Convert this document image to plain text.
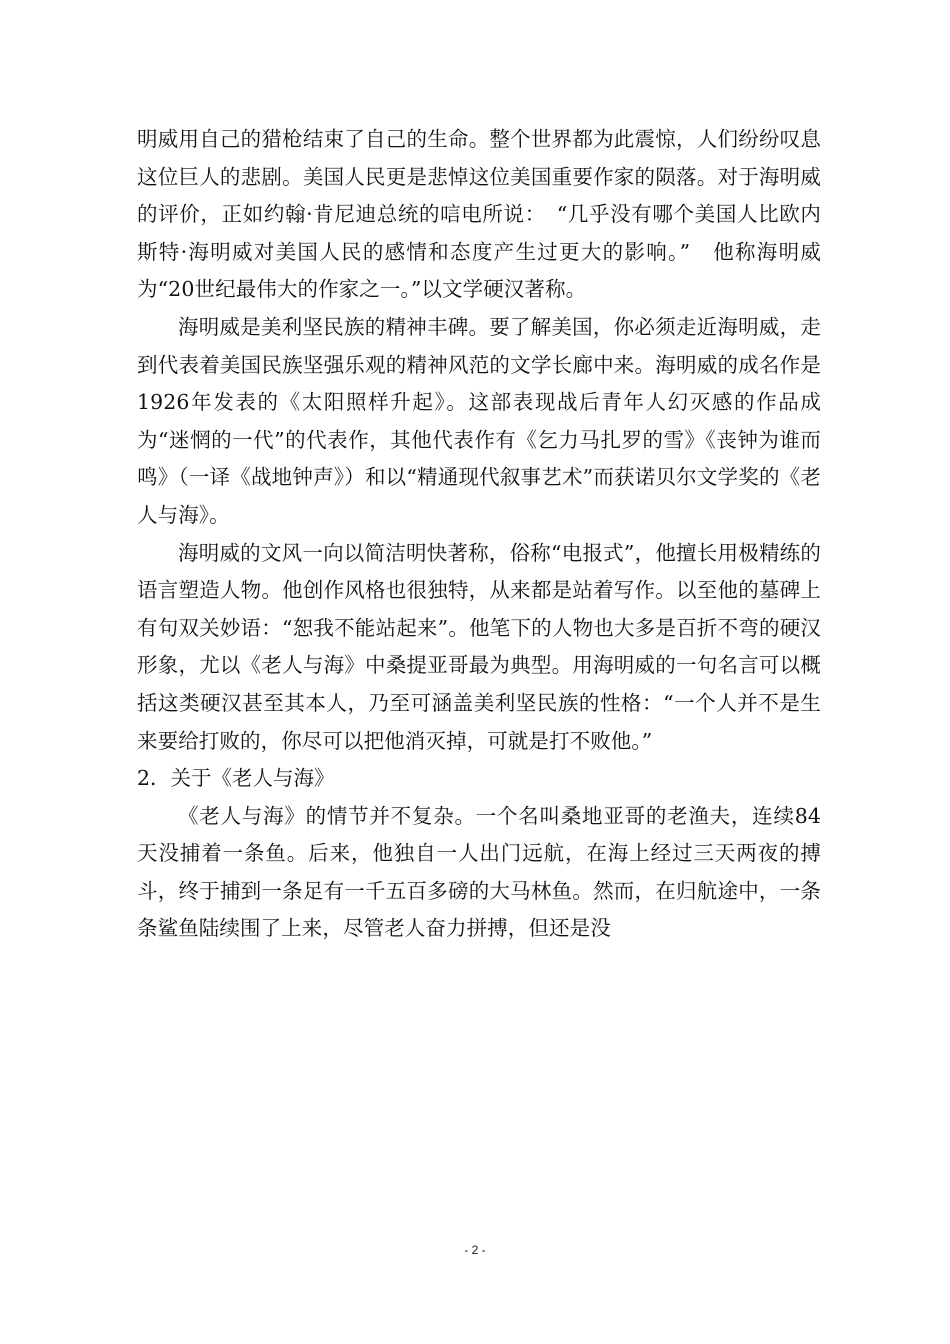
明威用自己的猎枪结束了自己的生命。整个世界都为此震惊，人们纷纷叹息这位巨人的悲剧。美国人民更是悲悼这位美国重要作家的陨落。对于海明威的评价，正如约翰·肯尼迪总统的唁电所说：　“几乎没有哪个美国人比欧内斯特·海明威对美国人民的感情和态度产生过更大的影响。”　他称海明威为“20世纪最伟大的作家之一。”以文学硬汉著称。

海明威是美利坚民族的精神丰碑。要了解美国，你必须走近海明威，走到代表着美国民族坚强乐观的精神风范的文学长廊中来。海明威的成名作是1926年发表的《太阳照样升起》。这部表现战后青年人幻灭感的作品成为“迷惘的一代”的代表作，其他代表作有《乞力马扎罗的雪》《丧钟为谁而鸣》（一译《战地钟声》）和以“精通现代叙事艺术”而获诺贝尔文学奖的《老人与海》。

海明威的文风一向以简洁明快著称，俗称“电报式”，他擅长用极精练的语言塑造人物。他创作风格也很独特，从来都是站着写作。以至他的墓碑上有句双关妙语：“恕我不能站起来”。他笔下的人物也大多是百折不弯的硬汉形象，尤以《老人与海》中桑提亚哥最为典型。用海明威的一句名言可以概括这类硬汉甚至其本人，乃至可涵盖美利坚民族的性格：“一个人并不是生来要给打败的，你尽可以把他消灭掉，可就是打不败他。”

2．关于《老人与海》

《老人与海》的情节并不复杂。一个名叫桑地亚哥的老渔夫，连续84天没捕着一条鱼。后来，他独自一人出门远航，在海上经过三天两夜的搏斗，终于捕到一条足有一千五百多磅的大马林鱼。然而，在归航途中，一条条鲨鱼陆续围了上来，尽管老人奋力拼搏，但还是没

- 2 -
